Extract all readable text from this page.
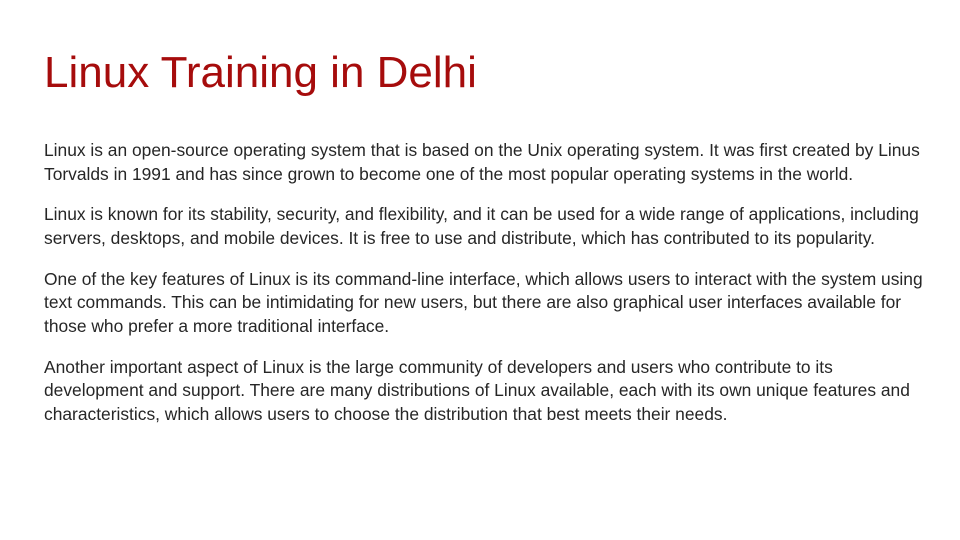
Linux Training in Delhi

Linux is an open-source operating system that is based on the Unix operating system. It was first created by Linus Torvalds in 1991 and has since grown to become one of the most popular operating systems in the world.

Linux is known for its stability, security, and flexibility, and it can be used for a wide range of applications, including servers, desktops, and mobile devices. It is free to use and distribute, which has contributed to its popularity.

One of the key features of Linux is its command-line interface, which allows users to interact with the system using text commands. This can be intimidating for new users, but there are also graphical user interfaces available for those who prefer a more traditional interface.

Another important aspect of Linux is the large community of developers and users who contribute to its development and support. There are many distributions of Linux available, each with its own unique features and characteristics, which allows users to choose the distribution that best meets their needs.
